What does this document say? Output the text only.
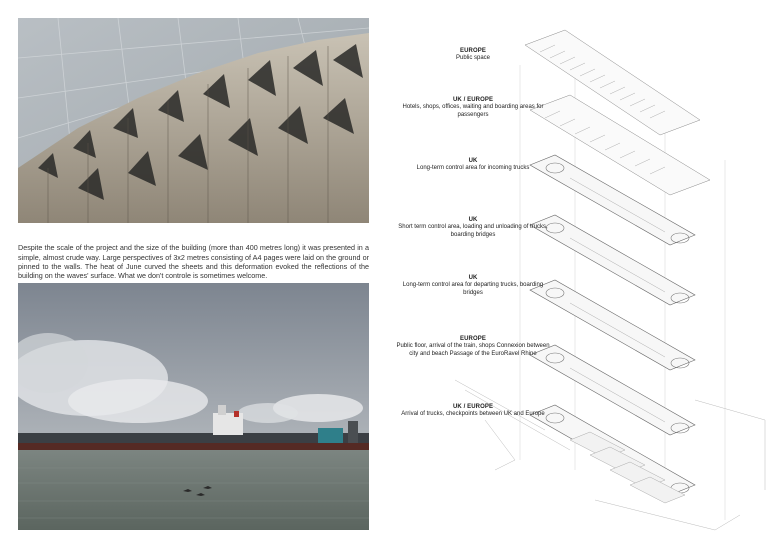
Despite the scale of the project and the size of the building (more than 400 metres long) it was presented in a simple, almost crude way. Large perspectives of 3x2 metres consisting of A4 pages were laid on the ground or pinned to the walls. The heat of June curved the sheets and this deformation evoked the reflections of the building on the waves' surface. What we don't controle is sometimes welcome.

EUROPE
Public space
UK / EUROPE
Hotels, shops, offices, waiting and boarding areas for passengers
UK
Long-term control area for incoming trucks
UK
Short term control area, loading and unloading of trucks, boarding bridges
UK
Long-term control area for departing trucks, boarding bridges
EUROPE
Public floor, arrival of the train, shops Connexion between city and beach Passage of the EuroRavel Rhine
UK / EUROPE
Arrival of trucks, checkpoints between UK and Europe
